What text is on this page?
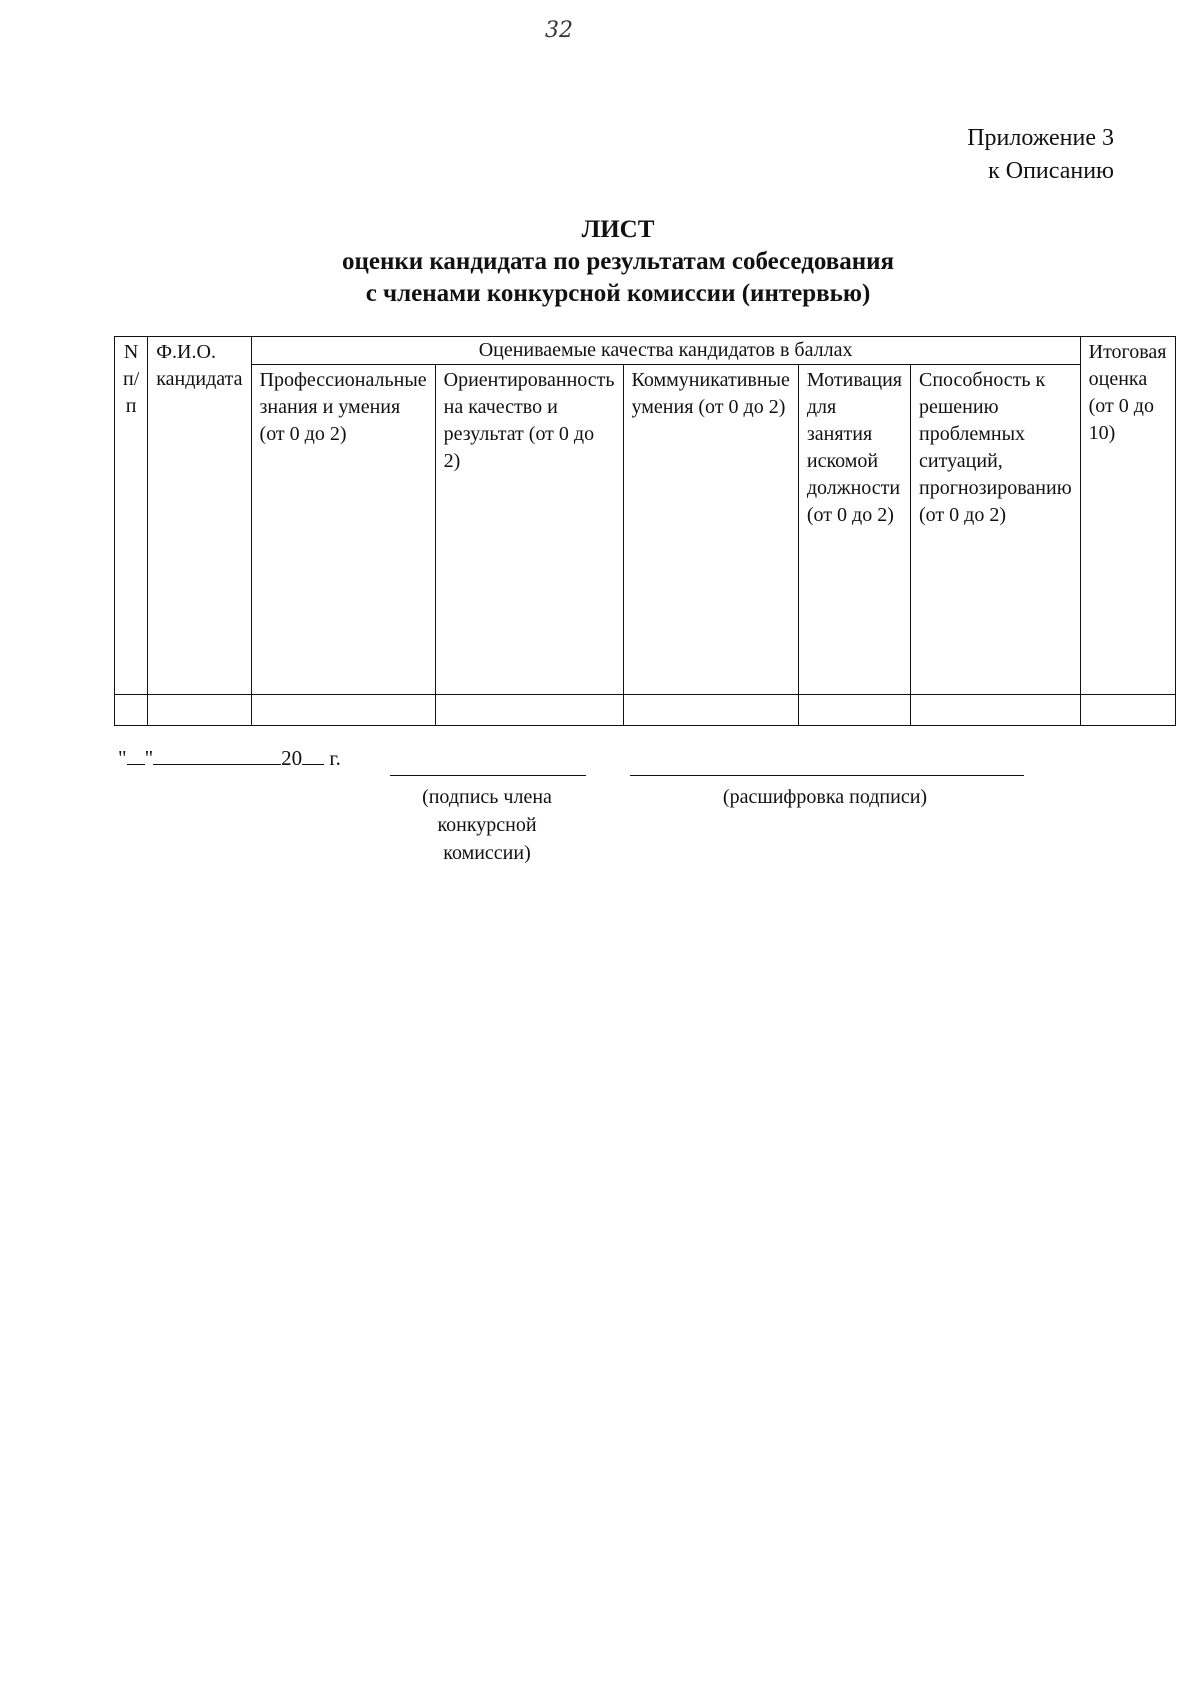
32
Приложение 3
к Описанию
ЛИСТ
оценки кандидата по результатам собеседования
с членами конкурсной комиссии (интервью)
N п/п	Ф.И.О. кандидата	Оцениваемые качества кандидатов в баллах					Итоговая оценка (от 0 до 10)
		Профессиональные знания и умения (от 0 до 2)	Ориентированность на качество и результат (от 0 до 2)	Коммуникативные умения (от 0 до 2)	Мотивация для занятия искомой должности (от 0 до 2)	Способность к решению проблемных ситуаций, прогнозированию (от 0 до 2)	

" "	20 г.
(подпись члена конкурсной комиссии)
(расшифровка подписи)
